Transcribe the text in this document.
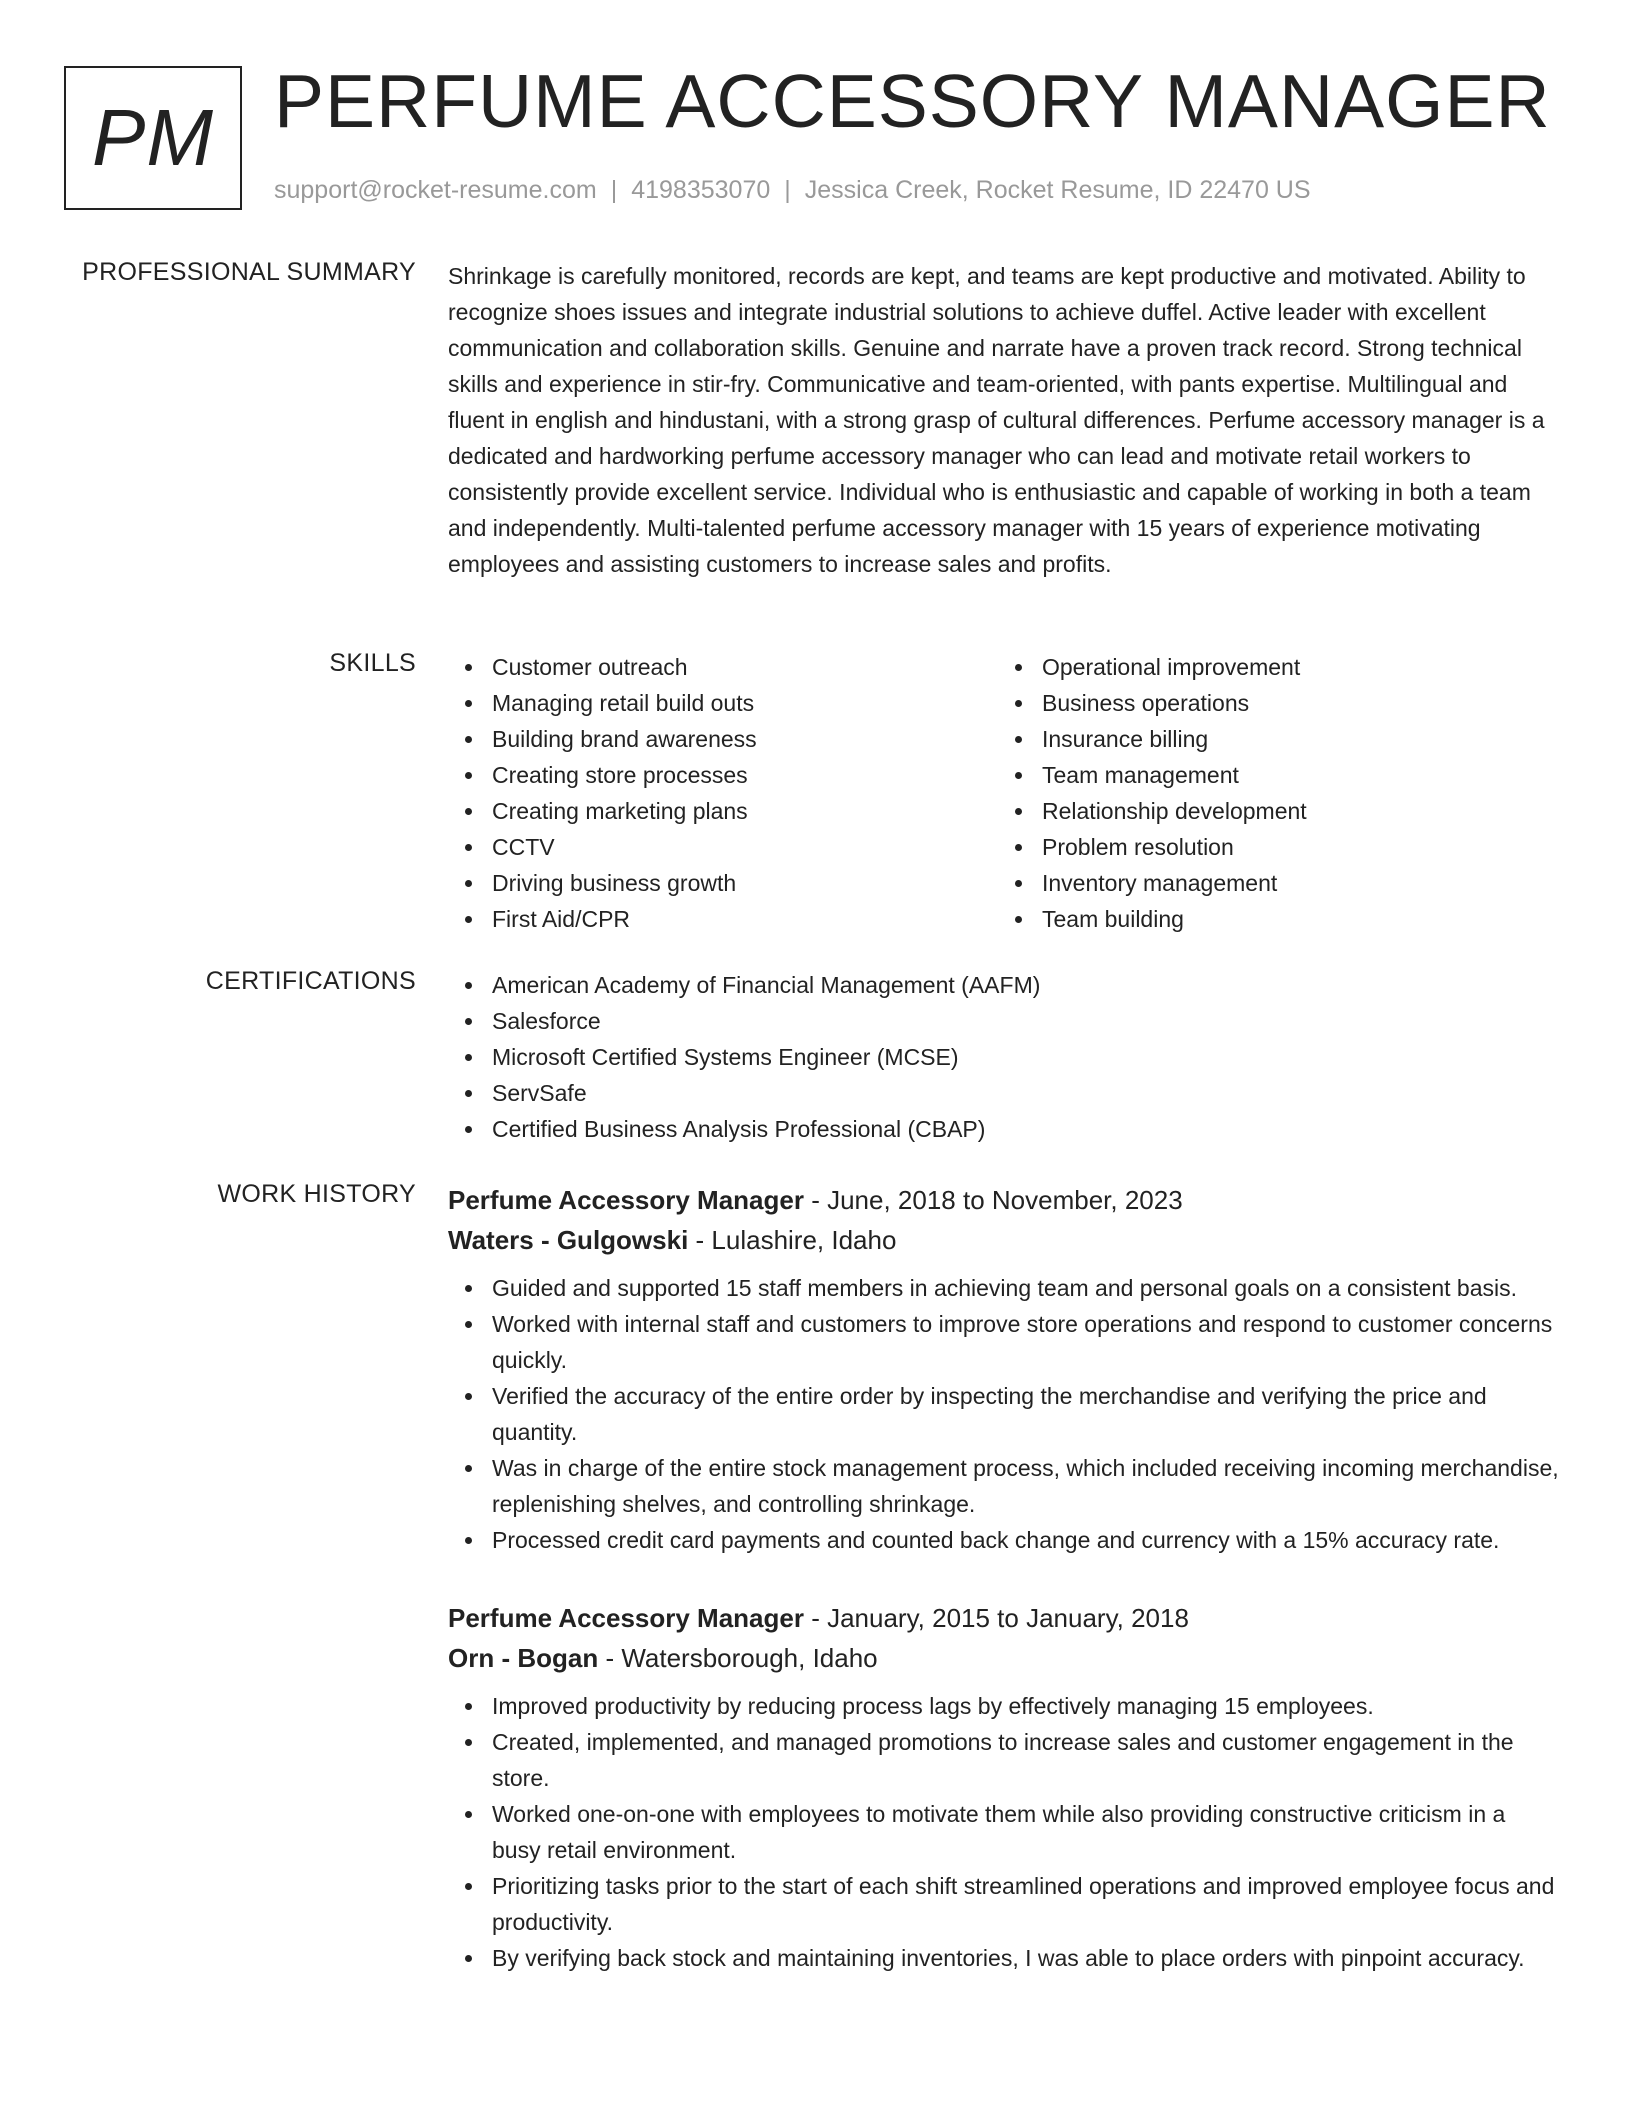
PM PERFUME ACCESSORY MANAGER
support@rocket-resume.com | 4198353070 | Jessica Creek, Rocket Resume, ID 22470 US
PROFESSIONAL SUMMARY Shrinkage is carefully monitored, records are kept, and teams are kept productive and motivated. Ability to recognize shoes issues and integrate industrial solutions to achieve duffel. Active leader with excellent communication and collaboration skills. Genuine and narrate have a proven track record. Strong technical skills and experience in stir-fry. Communicative and team-oriented, with pants expertise. Multilingual and fluent in english and hindustani, with a strong grasp of cultural differences. Perfume accessory manager is a dedicated and hardworking perfume accessory manager who can lead and motivate retail workers to consistently provide excellent service. Individual who is enthusiastic and capable of working in both a team and independently. Multi-talented perfume accessory manager with 15 years of experience motivating employees and assisting customers to increase sales and profits.

SKILLS	Customer outreach
Managing retail build outs
Building brand awareness
Creating store processes
Creating marketing plans
CCTV
Driving business growth
First Aid/CPR
Operational improvement
Business operations
Insurance billing
Team management
Relationship development
Problem resolution
Inventory management
Team building
CERTIFICATIONS	American Academy of Financial Management (AAFM)
Salesforce
Microsoft Certified Systems Engineer (MCSE)
ServSafe
Certified Business Analysis Professional (CBAP)
WORK HISTORY Perfume Accessory Manager - June, 2018 to November, 2023
Waters - Gulgowski - Lulashire, Idaho
Guided and supported 15 staff members in achieving team and personal goals on a consistent basis.
Worked with internal staff and customers to improve store operations and respond to customer concerns quickly.
Verified the accuracy of the entire order by inspecting the merchandise and verifying the price and quantity.
Was in charge of the entire stock management process, which included receiving incoming merchandise, replenishing shelves, and controlling shrinkage.
Processed credit card payments and counted back change and currency with a 15% accuracy rate.
Perfume Accessory Manager - January, 2015 to January, 2018
Orn - Bogan - Watersborough, Idaho
Improved productivity by reducing process lags by effectively managing 15 employees.
Created, implemented, and managed promotions to increase sales and customer engagement in the store.
Worked one-on-one with employees to motivate them while also providing constructive criticism in a busy retail environment.
Prioritizing tasks prior to the start of each shift streamlined operations and improved employee focus and productivity.
By verifying back stock and maintaining inventories, I was able to place orders with pinpoint accuracy.
